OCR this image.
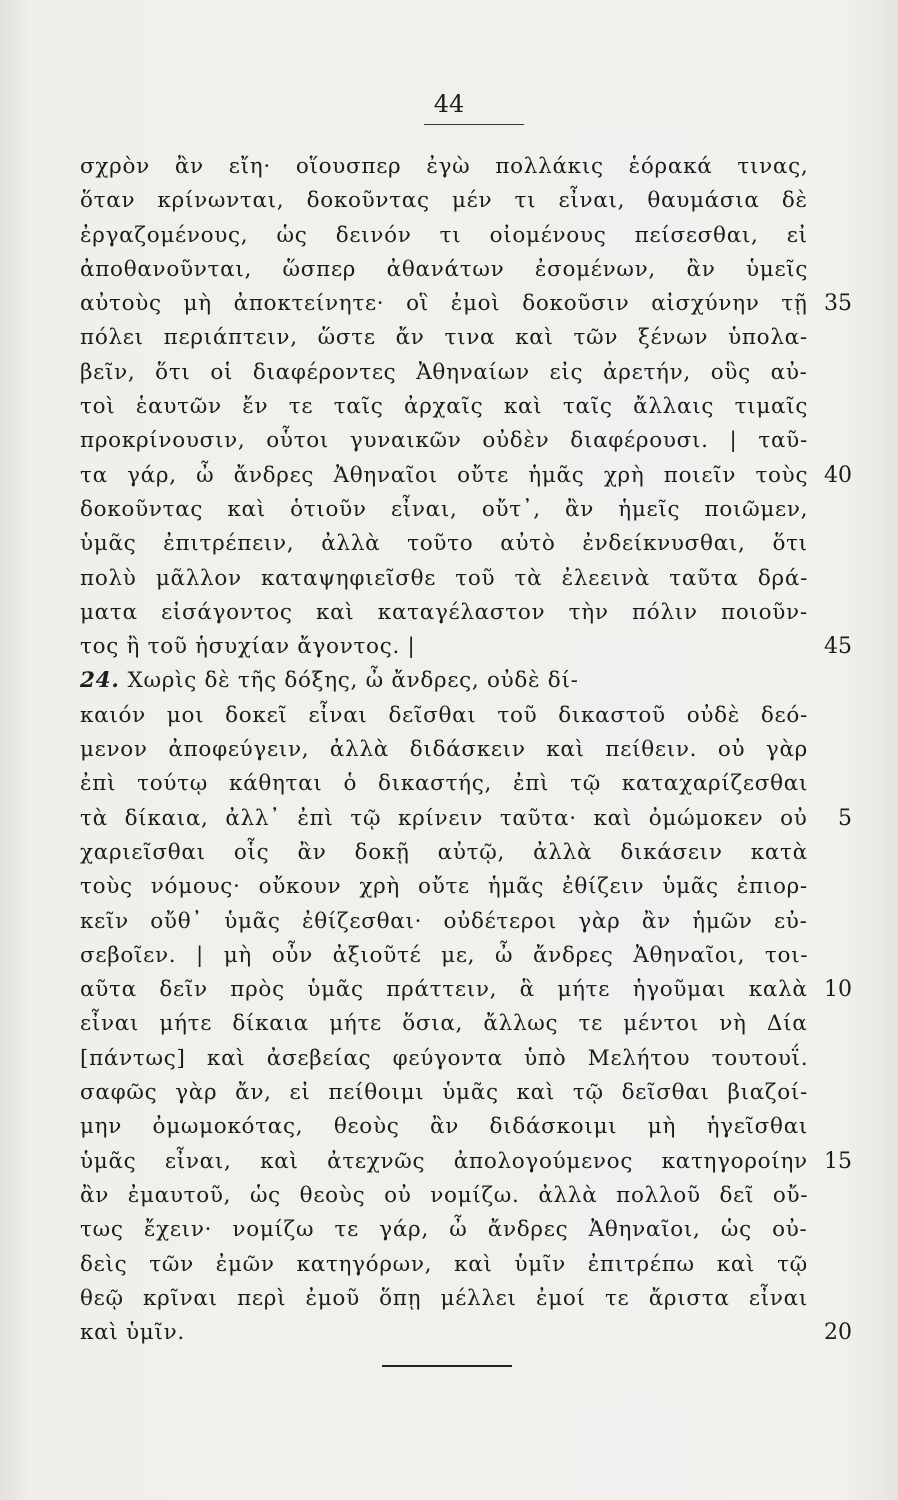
44
σχρὸν ἂν εἴη· οἵουσπερ ἐγὼ πολλάκις ἑόρακά τινας,
ὅταν κρίνωνται, δοκοῦντας μέν τι εἶναι, θαυμάσια δὲ
ἐργαζομένους, ὡς δεινόν τι οἰομένους πείσεσθαι, εἰ
ἀποθανοῦνται, ὥσπερ ἀθανάτων ἐσομένων, ἂν ὑμεῖς
αὐτοὺς μὴ ἀποκτείνητε· οἳ ἐμοὶ δοκοῦσιν αἰσχύνην τῇ 35
πόλει περιάπτειν, ὥστε ἄν τινα καὶ τῶν ξένων ὑπολα-
βεῖν, ὅτι οἱ διαφέροντες Ἀθηναίων εἰς ἀρετήν, οὓς αὐ-
τοὶ ἑαυτῶν ἔν τε ταῖς ἀρχαῖς καὶ ταῖς ἄλλαις τιμαῖς
προκρίνουσιν, οὗτοι γυναικῶν οὐδὲν διαφέρουσι. | ταῦ-
τα γάρ, ὦ ἄνδρες Ἀθηναῖοι οὔτε ἡμᾶς χρὴ ποιεῖν τοὺς 40
δοκοῦντας καὶ ὁτιοῦν εἶναι, οὔτ᾿, ἂν ἡμεῖς ποιῶμεν,
ὑμᾶς ἐπιτρέπειν, ἀλλὰ τοῦτο αὐτὸ ἐνδείκνυσθαι, ὅτι
πολὺ μᾶλλον καταψηφιεῖσθε τοῦ τὰ ἐλεεινὰ ταῦτα δρά-
ματα εἰσάγοντος καὶ καταγέλαστον τὴν πόλιν ποιοῦν-
τος ἢ τοῦ ἡσυχίαν ἄγοντος. |	45
24. Χωρὶς δὲ τῆς δόξης, ὦ ἄνδρες, οὐδὲ δί-
καιόν μοι δοκεῖ εἶναι δεῖσθαι τοῦ δικαστοῦ οὐδὲ δεό-
μενον ἀποφεύγειν, ἀλλὰ διδάσκειν καὶ πείθειν. οὐ γὰρ
ἐπὶ τούτῳ κάθηται ὁ δικαστής, ἐπὶ τῷ καταχαρίζεσθαι
τὰ δίκαια, ἀλλ᾿ ἐπὶ τῷ κρίνειν ταῦτα· καὶ ὀμώμοκεν οὐ 5
χαριεῖσθαι οἷς ἂν δοκῇ αὐτῷ, ἀλλὰ δικάσειν κατὰ
τοὺς νόμους· οὔκουν χρὴ οὔτε ἡμᾶς ἐθίζειν ὑμᾶς ἐπιορ-
κεῖν οὔθ᾿ ὑμᾶς ἐθίζεσθαι· οὐδέτεροι γὰρ ἂν ἡμῶν εὐ-
σεβοῖεν. | μὴ οὖν ἀξιοῦτέ με, ὦ ἄνδρες Ἀθηναῖοι, τοι-
αῦτα δεῖν πρὸς ὑμᾶς πράττειν, ἃ μήτε ἡγοῦμαι καλὰ 10
εἶναι μήτε δίκαια μήτε ὅσια, ἄλλως τε μέντοι νὴ Δία
[πάντως] καὶ ἀσεβείας φεύγοντα ὑπὸ Μελήτου τουτουΐ.
σαφῶς γὰρ ἄν, εἰ πείθοιμι ὑμᾶς καὶ τῷ δεῖσθαι βιαζοί-
μην ὀμωμοκότας, θεοὺς ἂν διδάσκοιμι μὴ ἡγεῖσθαι
ὑμᾶς εἶναι, καὶ ἀτεχνῶς ἀπολογούμενος κατηγοροίην 15
ἂν ἐμαυτοῦ, ὡς θεοὺς οὐ νομίζω. ἀλλὰ πολλοῦ δεῖ οὔ-
τως ἔχειν· νομίζω τε γάρ, ὦ ἄνδρες Ἀθηναῖοι, ὡς οὐ-
δεὶς τῶν ἐμῶν κατηγόρων, καὶ ὑμῖν ἐπιτρέπω καὶ τῷ
θεῷ κρῖναι περὶ ἐμοῦ ὅπῃ μέλλει ἐμοί τε ἄριστα εἶναι
καὶ ὑμῖν.	20
